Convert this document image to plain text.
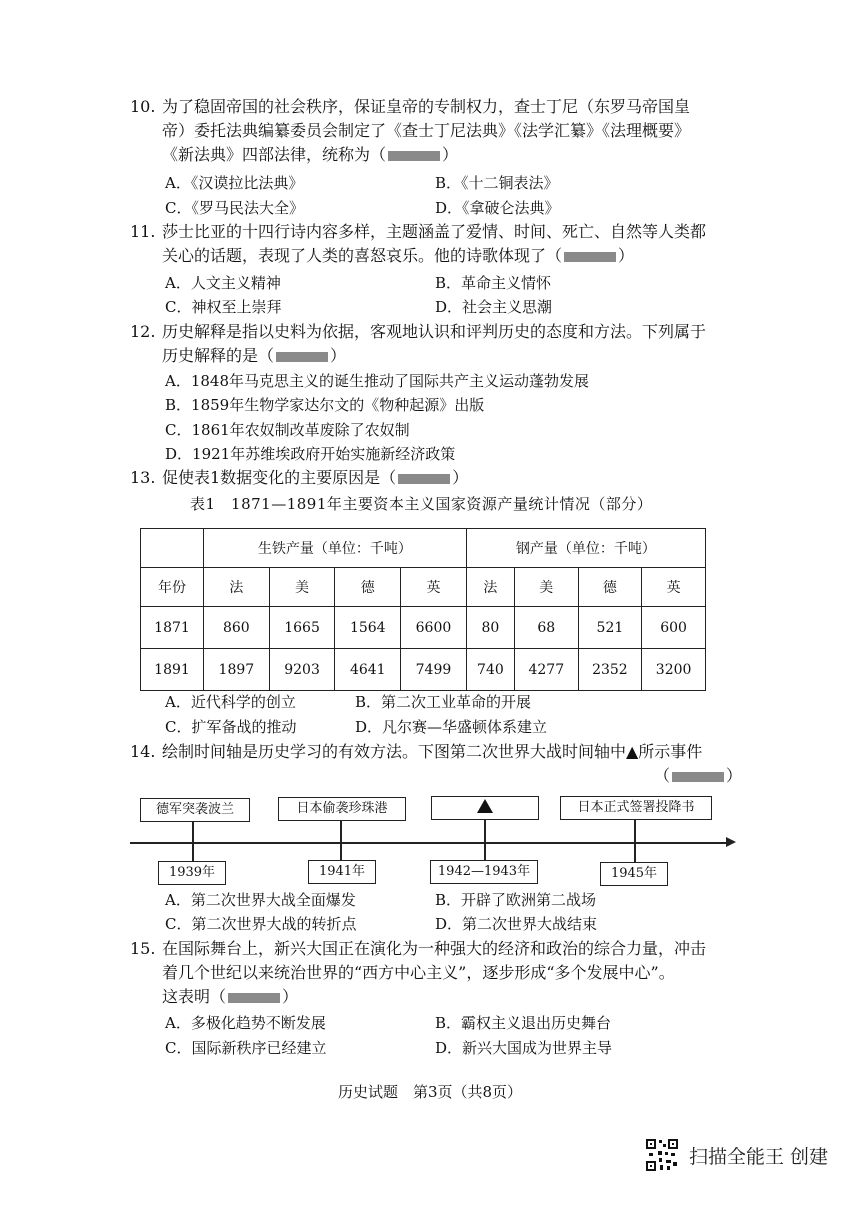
10. 为了稳固帝国的社会秩序，保证皇帝的专制权力，查士丁尼（东罗马帝国皇
帝）委托法典编纂委员会制定了《查士丁尼法典》《法学汇纂》《法理概要》
《新法典》四部法律，统称为（	）
A．《汉谟拉比法典》	B．《十二铜表法》
C．《罗马民法大全》	D．《拿破仑法典》
11. 莎士比亚的十四行诗内容多样，主题涵盖了爱情、时间、死亡、自然等人类都
关心的话题，表现了人类的喜怒哀乐。他的诗歌体现了（	）
A．人文主义精神	B．革命主义情怀
C．神权至上崇拜	D．社会主义思潮
12. 历史解释是指以史料为依据，客观地认识和评判历史的态度和方法。下列属于
历史解释的是（	）
A．1848年马克思主义的诞生推动了国际共产主义运动蓬勃发展
B．1859年生物学家达尔文的《物种起源》出版
C．1861年农奴制改革废除了农奴制
D．1921年苏维埃政府开始实施新经济政策
13. 促使表1数据变化的主要原因是（	）
表1　1871—1891年主要资本主义国家资源产量统计情况（部分）
	生铁产量（单位：千吨）				钢产量（单位：千吨）			
年份	法	美	德	英	法	美	德	英
1871	860	1665	1564	6600	80	68	521	600
1891	1897	9203	4641	7499	740	4277	2352	3200
A．近代科学的创立	B．第二次工业革命的开展
C．扩军备战的推动	D．凡尔赛—华盛顿体系建立
14. 绘制时间轴是历史学习的有效方法。下图第二次世界大战时间轴中▲所示事件
（	）
德军突袭波兰
1939年
日本偷袭珍珠港
1941年	1942—1943年
日本正式签署投降书
1945年
A．第二次世界大战全面爆发	B．开辟了欧洲第二战场
C．第二次世界大战的转折点	D．第二次世界大战结束
15. 在国际舞台上，新兴大国正在演化为一种强大的经济和政治的综合力量，冲击
着几个世纪以来统治世界的“西方中心主义”，逐步形成“多个发展中心”。
这表明（	）
A．多极化趋势不断发展	B．霸权主义退出历史舞台
C．国际新秩序已经建立	D．新兴大国成为世界主导
历史试题　第3页（共8页）
扫描全能王 创建
